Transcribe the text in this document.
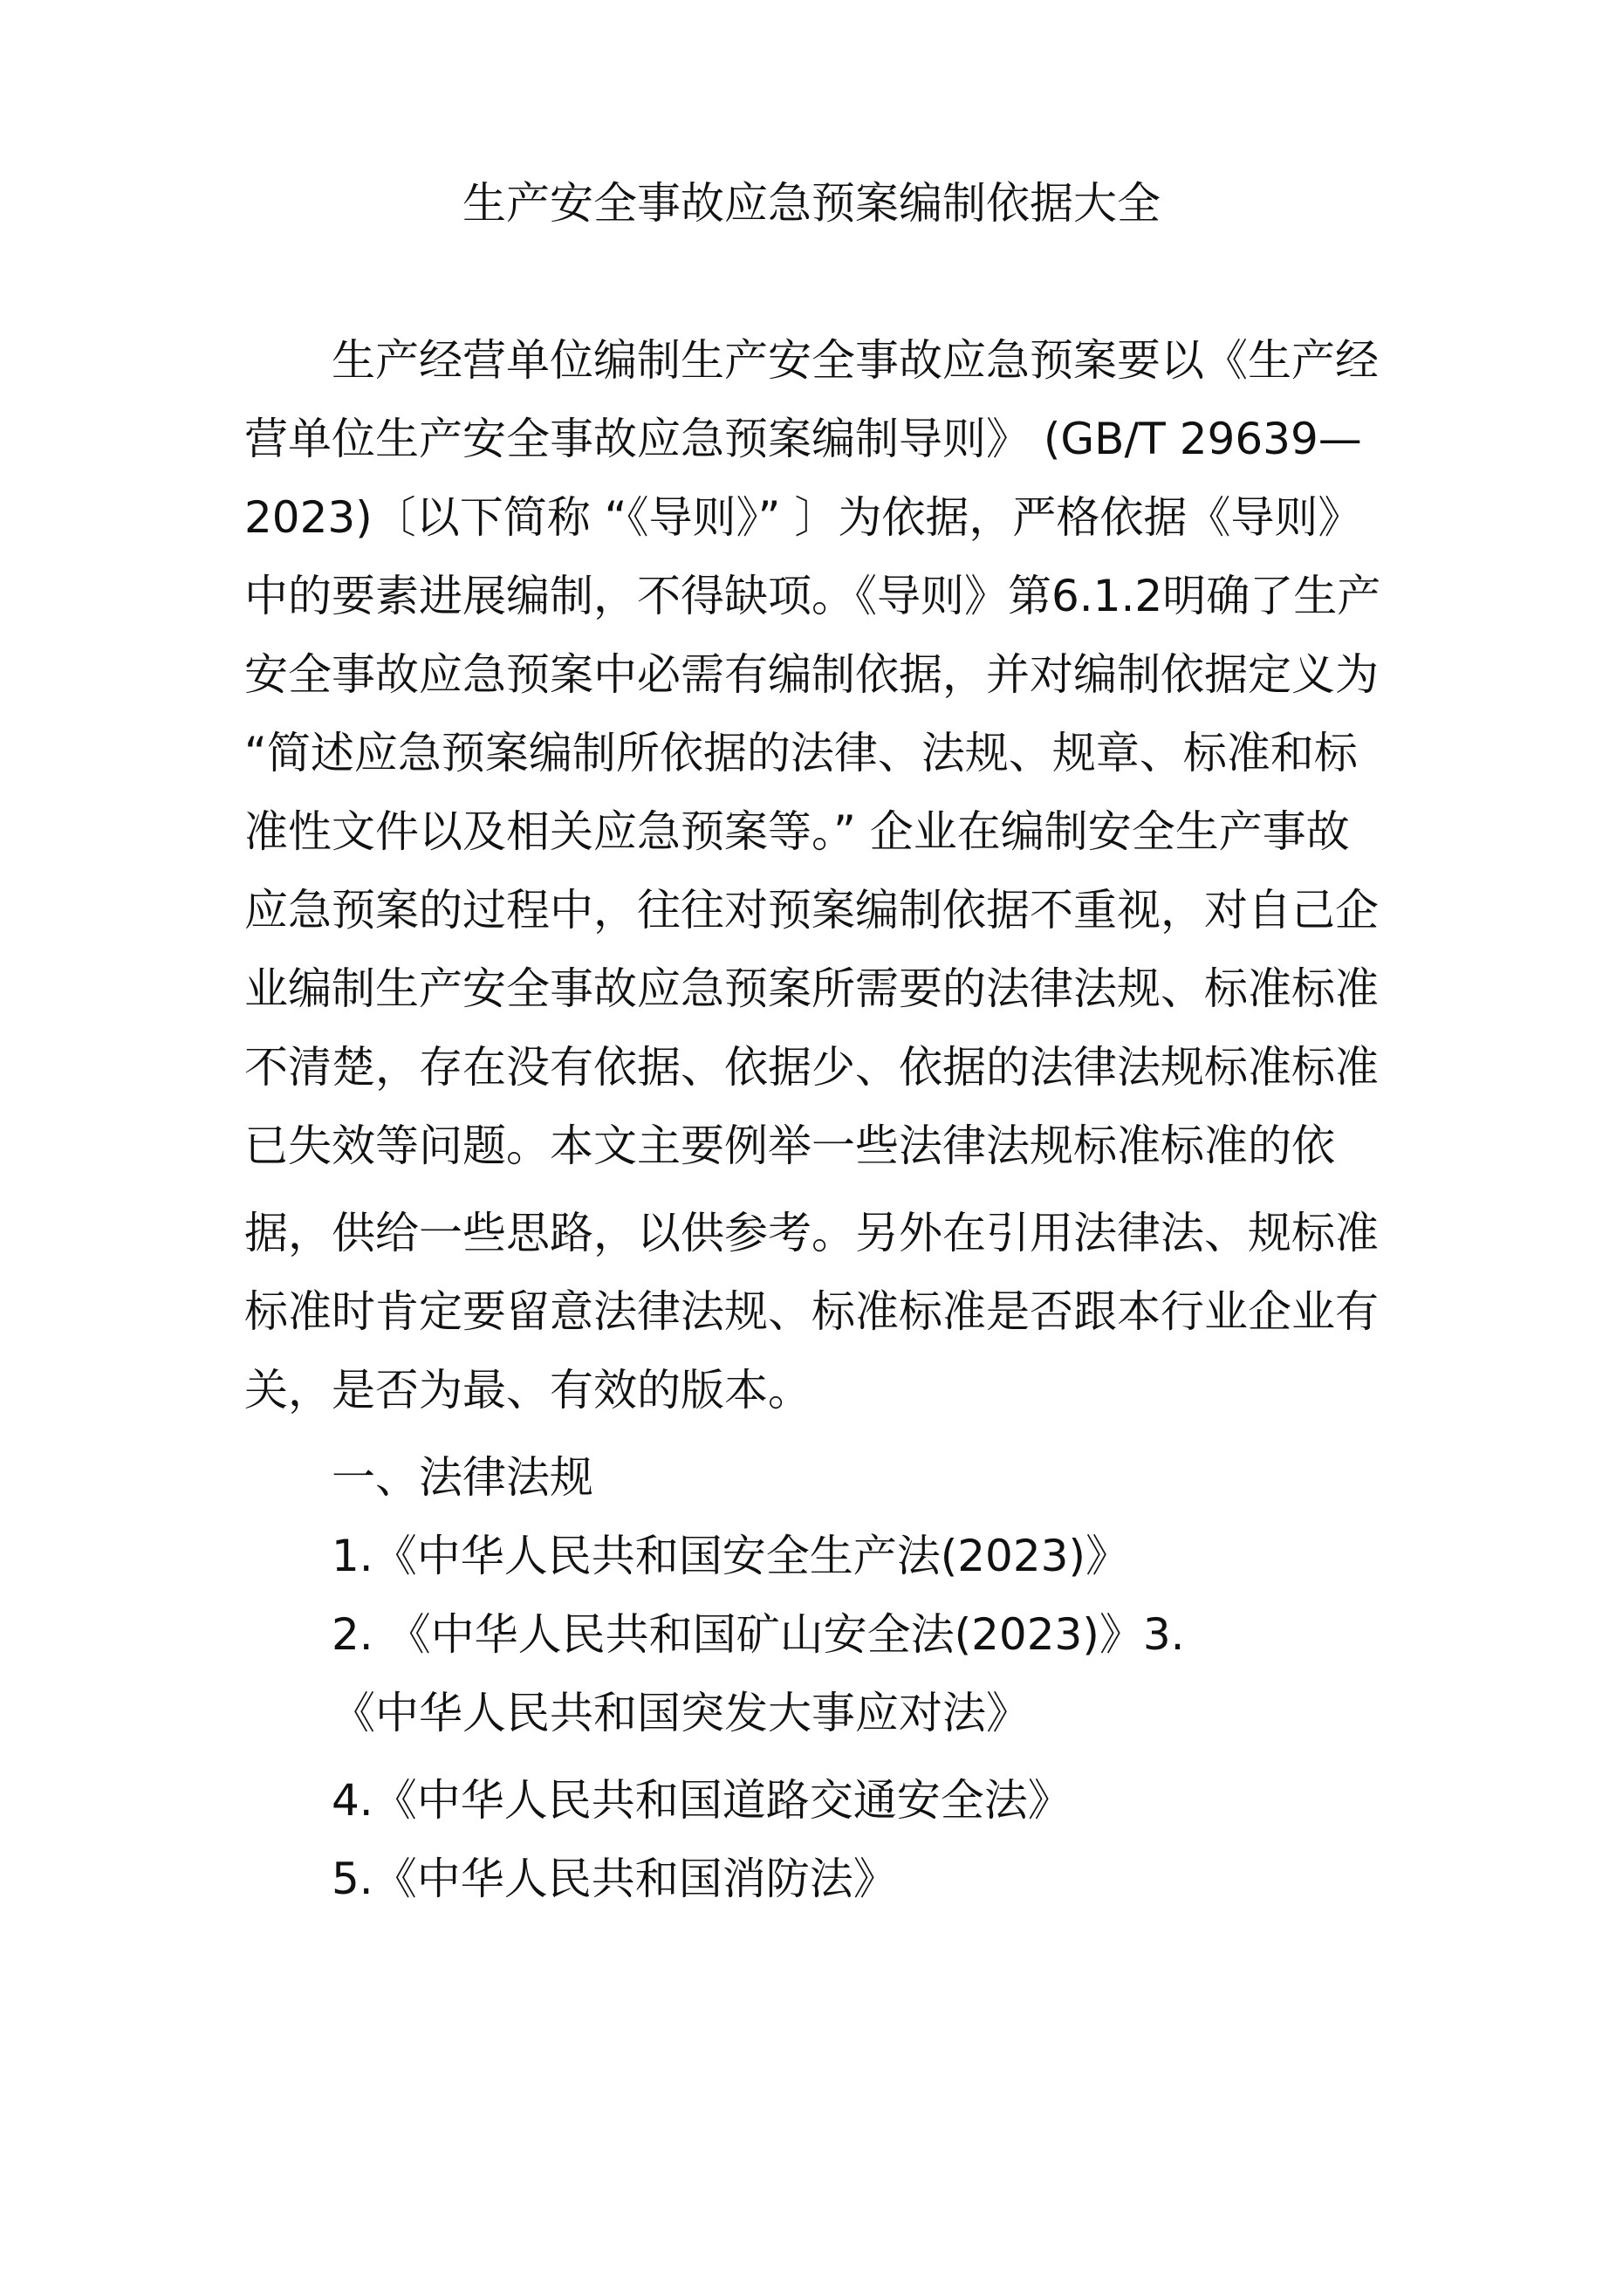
生产安全事故应急预案编制依据大全
生产经营单位编制生产安全事故应急预案要以《生产经
营单位生产安全事故应急预案编制导则》 (GB/T 29639—
2023)〔以下简称 “《导则》” 〕为依据，严格依据《导则》
中的要素进展编制，不得缺项。《导则》第6.1.2明确了生产
安全事故应急预案中必需有编制依据，并对编制依据定义为
“简述应急预案编制所依据的法律、法规、规章、标准和标
准性文件以及相关应急预案等。” 企业在编制安全生产事故
应急预案的过程中，往往对预案编制依据不重视，对自己企
业编制生产安全事故应急预案所需要的法律法规、标准标准
不清楚，存在没有依据、依据少、依据的法律法规标准标准
已失效等问题。本文主要例举一些法律法规标准标准的依
据，供给一些思路，以供参考。另外在引用法律法、规标准
标准时肯定要留意法律法规、标准标准是否跟本行业企业有
关，是否为最、有效的版本。
一、法律法规
1.《中华人民共和国安全生产法(2023)》
2. 《中华人民共和国矿山安全法(2023)》3.
《中华人民共和国突发大事应对法》
4.《中华人民共和国道路交通安全法》
5.《中华人民共和国消防法》
